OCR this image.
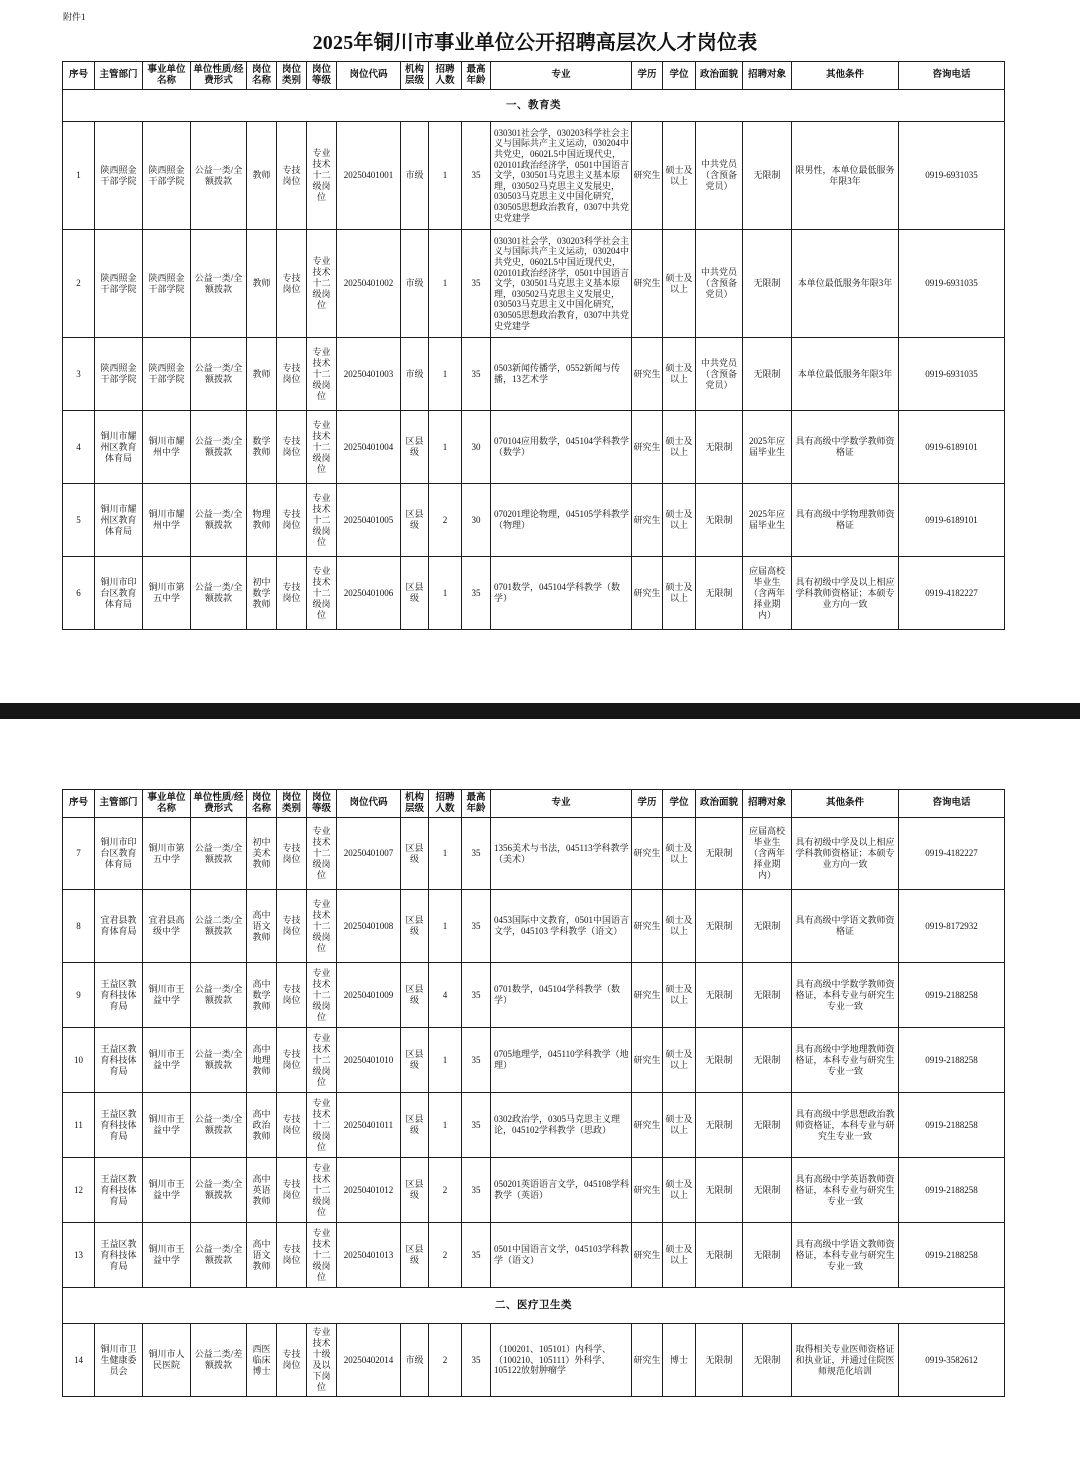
附件1
2025年铜川市事业单位公开招聘高层次人才岗位表
序号	主管部门	事业单位名称	单位性质/经费形式	岗位名称	岗位类别	岗位等级	岗位代码	机构层级	招聘人数	最高年龄	专业	学历	学位	政治面貌	招聘对象	其他条件	咨询电话
一、教育类																	
1	陕西照金干部学院	陕西照金干部学院	公益一类/全额拨款	教师	专技岗位	专业技术十二级岗位	20250401001	市级	1	35	030301社会学，030203科学社会主义与国际共产主义运动，030204中共党史，0602L5中国近现代史，020101政治经济学，0501中国语言文学，030501马克思主义基本原理，030502马克思主义发展史，030503马克思主义中国化研究，030505思想政治教育，0307中共党史党建学	研究生	硕士及以上	中共党员（含预备党员）	无限制	限男性，本单位最低服务年限3年	0919-6931035
2	陕西照金干部学院	陕西照金干部学院	公益一类/全额拨款	教师	专技岗位	专业技术十二级岗位	20250401002	市级	1	35	030301社会学，030203科学社会主义与国际共产主义运动，030204中共党史，0602L5中国近现代史，020101政治经济学，0501中国语言文学，030501马克思主义基本原理，030502马克思主义发展史，030503马克思主义中国化研究，030505思想政治教育，0307中共党史党建学	研究生	硕士及以上	中共党员（含预备党员）	无限制	本单位最低服务年限3年	0919-6931035
3	陕西照金干部学院	陕西照金干部学院	公益一类/全额拨款	教师	专技岗位	专业技术十二级岗位	20250401003	市级	1	35	0503新闻传播学，0552新闻与传播，13艺术学	研究生	硕士及以上	中共党员（含预备党员）	无限制	本单位最低服务年限3年	0919-6931035
4	铜川市耀州区教育体育局	铜川市耀州中学	公益一类/全额拨款	数学教师	专技岗位	专业技术十二级岗位	20250401004	区县级	1	30	070104应用数学，045104学科教学（数学）	研究生	硕士及以上	无限制	2025年应届毕业生	具有高级中学数学教师资格证	0919-6189101
5	铜川市耀州区教育体育局	铜川市耀州中学	公益一类/全额拨款	物理教师	专技岗位	专业技术十二级岗位	20250401005	区县级	2	30	070201理论物理，045105学科教学（物理）	研究生	硕士及以上	无限制	2025年应届毕业生	具有高级中学物理教师资格证	0919-6189101
6	铜川市印台区教育体育局	铜川市第五中学	公益一类/全额拨款	初中数学教师	专技岗位	专业技术十二级岗位	20250401006	区县级	1	35	0701数学，045104学科教学（数学）	研究生	硕士及以上	无限制	应届高校毕业生（含两年择业期内）	具有初级中学及以上相应学科教师资格证；本硕专业方向一致	0919-4182227
序号	主管部门	事业单位名称	单位性质/经费形式	岗位名称	岗位类别	岗位等级	岗位代码	机构层级	招聘人数	最高年龄	专业	学历	学位	政治面貌	招聘对象	其他条件	咨询电话
7	铜川市印台区教育体育局	铜川市第五中学	公益一类/全额拨款	初中美术教师	专技岗位	专业技术十二级岗位	20250401007	区县级	1	35	1356美术与书法，045113学科教学（美术）	研究生	硕士及以上	无限制	应届高校毕业生（含两年择业期内）	具有初级中学及以上相应学科教师资格证；本硕专业方向一致	0919-4182227
8	宜君县教育体育局	宜君县高级中学	公益二类/全额拨款	高中语文教师	专技岗位	专业技术十二级岗位	20250401008	区县级	1	35	0453国际中文教育，0501中国语言文学，045103 学科教学（语文）	研究生	硕士及以上	无限制	无限制	具有高级中学语文教师资格证	0919-8172932
9	王益区教育科技体育局	铜川市王益中学	公益一类/全额拨款	高中数学教师	专技岗位	专业技术十二级岗位	20250401009	区县级	4	35	0701数学，045104学科教学（数学）	研究生	硕士及以上	无限制	无限制	具有高级中学数学教师资格证，本科专业与研究生专业一致	0919-2188258
10	王益区教育科技体育局	铜川市王益中学	公益一类/全额拨款	高中地理教师	专技岗位	专业技术十二级岗位	20250401010	区县级	1	35	0705地理学，045110学科教学（地理）	研究生	硕士及以上	无限制	无限制	具有高级中学地理教师资格证，本科专业与研究生专业一致	0919-2188258
11	王益区教育科技体育局	铜川市王益中学	公益一类/全额拨款	高中政治教师	专技岗位	专业技术十二级岗位	20250401011	区县级	1	35	0302政治学，0305马克思主义理论，045102学科教学（思政）	研究生	硕士及以上	无限制	无限制	具有高级中学思想政治教师资格证，本科专业与研究生专业一致	0919-2188258
12	王益区教育科技体育局	铜川市王益中学	公益一类/全额拨款	高中英语教师	专技岗位	专业技术十二级岗位	20250401012	区县级	2	35	050201英语语言文学，045108学科教学（英语）	研究生	硕士及以上	无限制	无限制	具有高级中学英语教师资格证，本科专业与研究生专业一致	0919-2188258
13	王益区教育科技体育局	铜川市王益中学	公益一类/全额拨款	高中语文教师	专技岗位	专业技术十二级岗位	20250401013	区县级	2	35	0501中国语言文学，045103学科教学（语文）	研究生	硕士及以上	无限制	无限制	具有高级中学语文教师资格证，本科专业与研究生专业一致	0919-2188258
二、医疗卫生类																	
14	铜川市卫生健康委员会	铜川市人民医院	公益二类/差额拨款	西医临床博士	专技岗位	专业技术十级及以下岗位	20250402014	市级	2	35	（100201、105101）内科学、（100210、105111）外科学、105122放射肿瘤学	研究生	博士	无限制	无限制	取得相关专业医师资格证和执业证，并通过住院医师规范化培训	0919-3582612
